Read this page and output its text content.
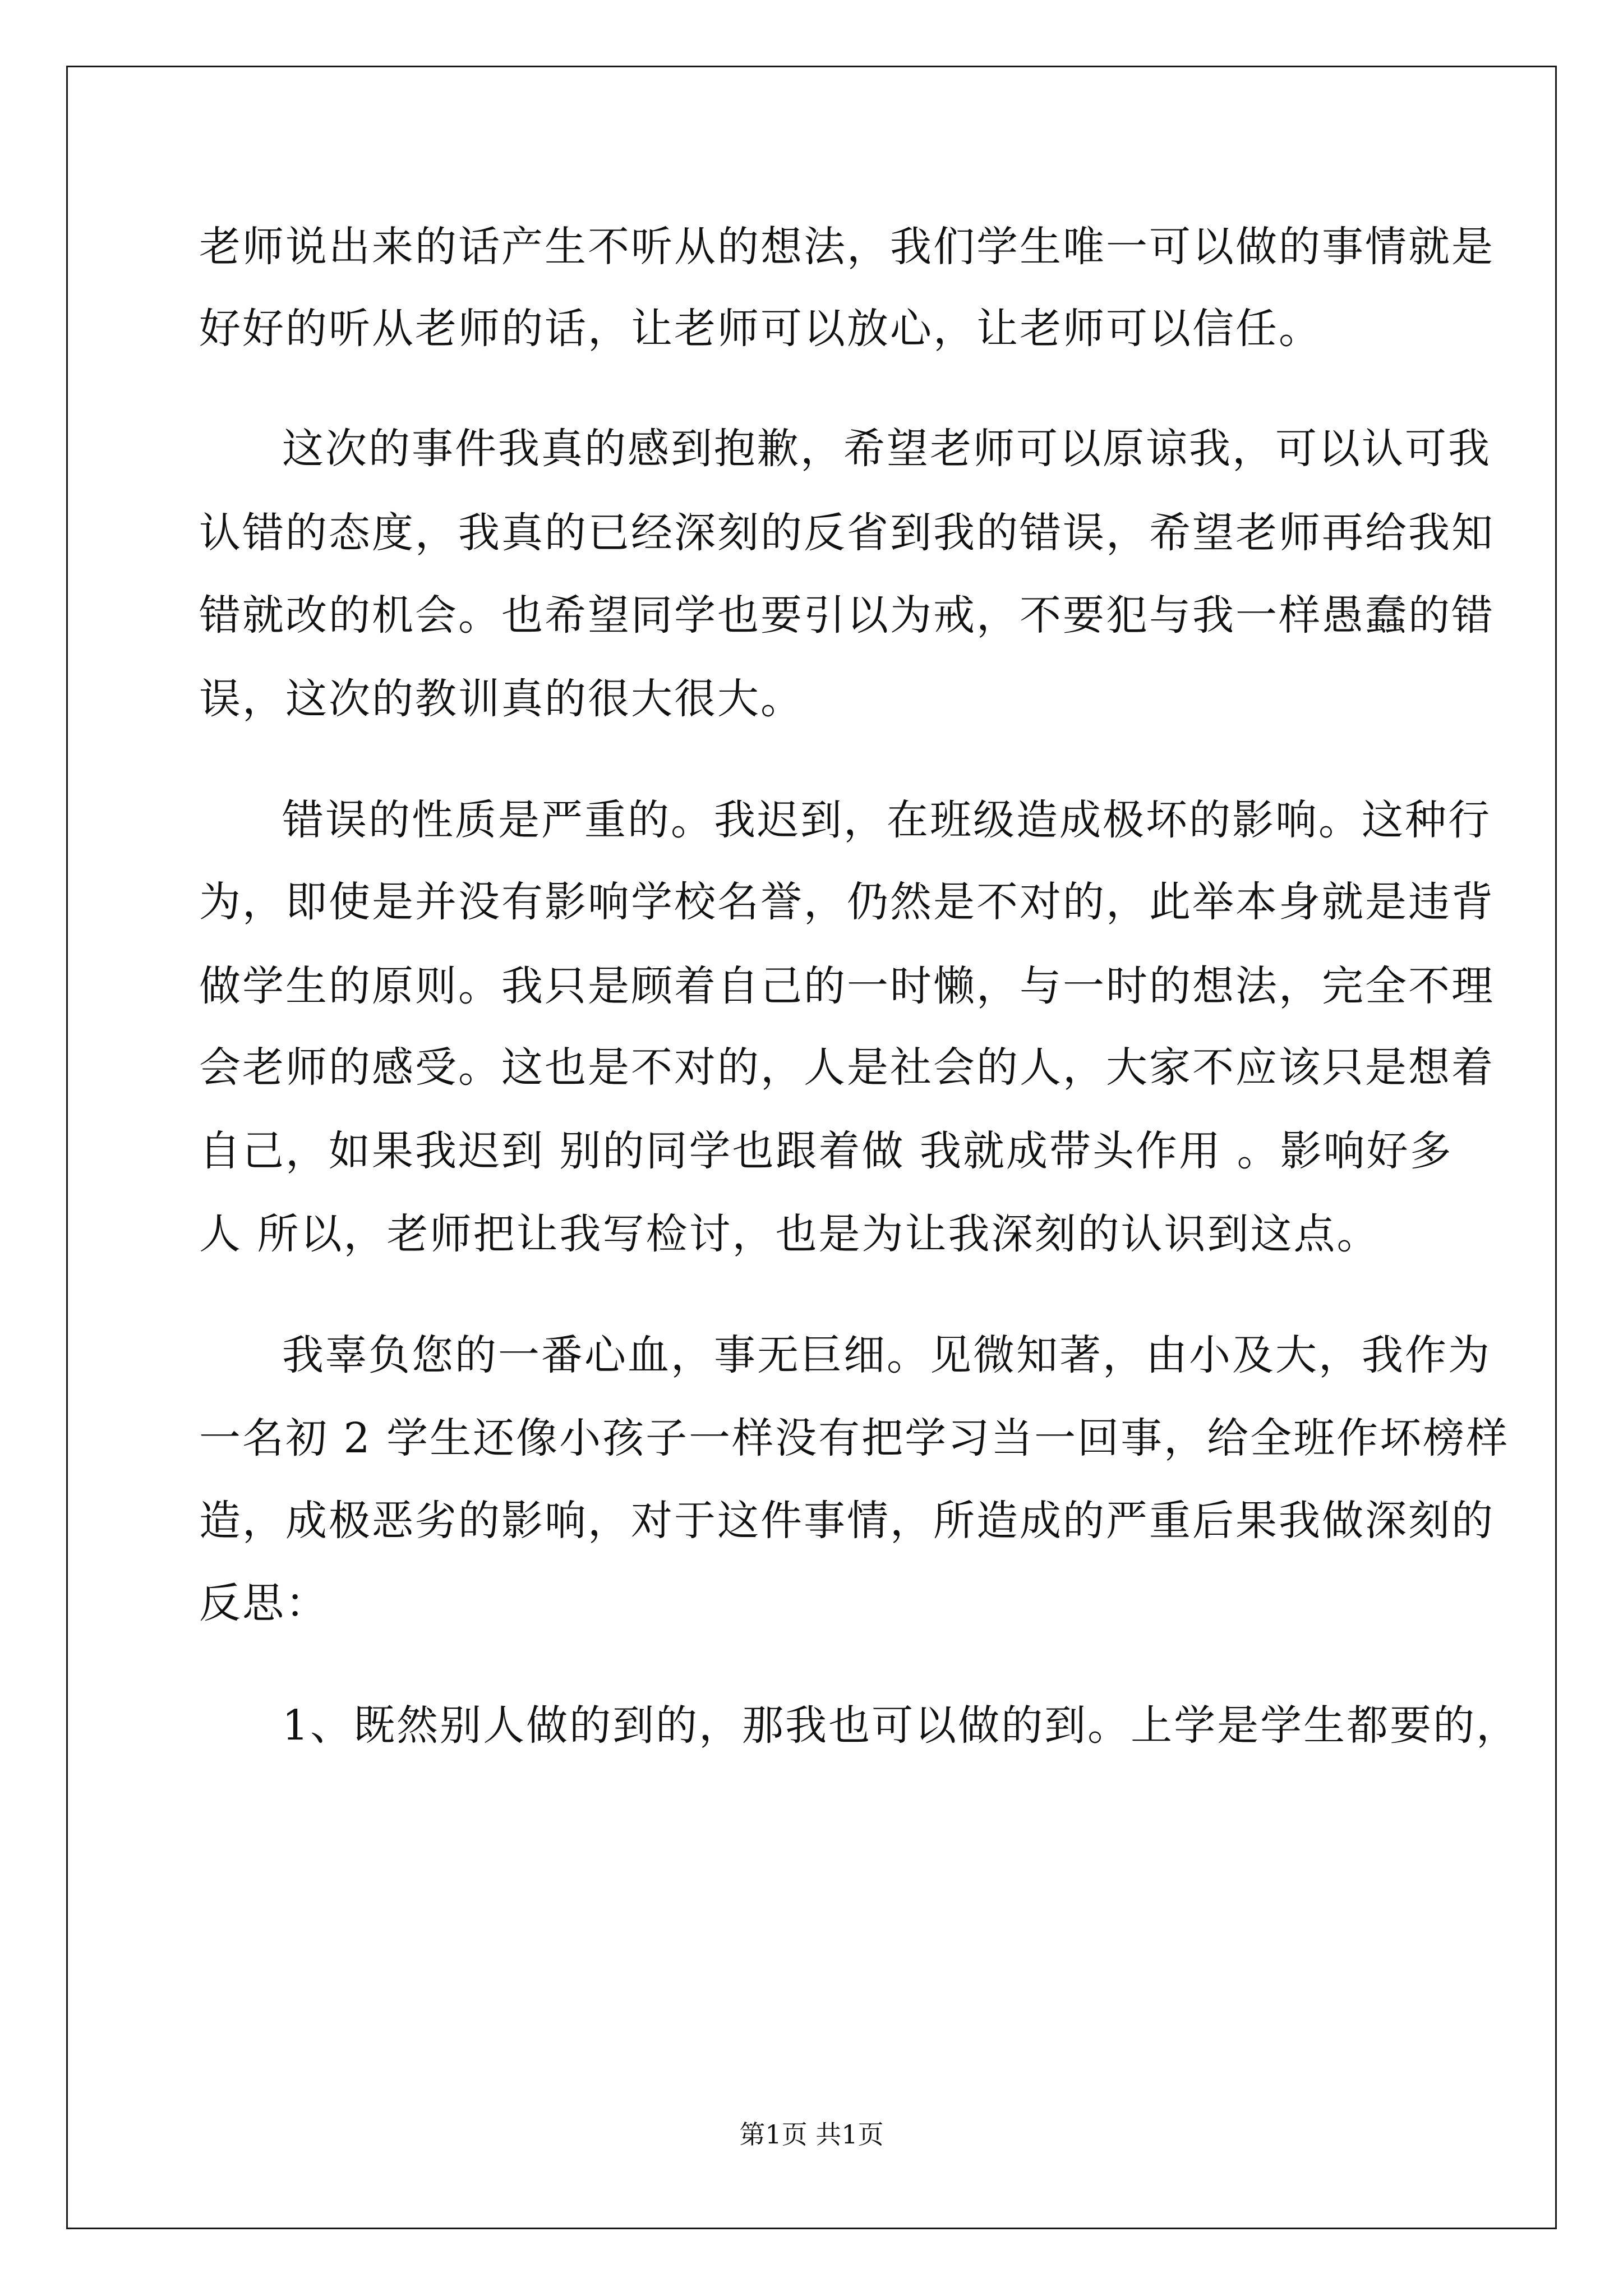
老师说出来的话产生不听从的想法，我们学生唯一可以做的事情就是
好好的听从老师的话，让老师可以放心，让老师可以信任。
这次的事件我真的感到抱歉，希望老师可以原谅我，可以认可我
认错的态度，我真的已经深刻的反省到我的错误，希望老师再给我知
错就改的机会。也希望同学也要引以为戒，不要犯与我一样愚蠢的错
误，这次的教训真的很大很大。
错误的性质是严重的。我迟到，在班级造成极坏的影响。这种行
为，即使是并没有影响学校名誉，仍然是不对的，此举本身就是违背
做学生的原则。我只是顾着自己的一时懒，与一时的想法，完全不理
会老师的感受。这也是不对的，人是社会的人，大家不应该只是想着
自己，如果我迟到 别的同学也跟着做 我就成带头作用 。影响好多
人 所以，老师把让我写检讨，也是为让我深刻的认识到这点。
我辜负您的一番心血，事无巨细。见微知著，由小及大，我作为
一名初 2 学生还像小孩子一样没有把学习当一回事，给全班作坏榜样
造，成极恶劣的影响，对于这件事情，所造成的严重后果我做深刻的
反思：
1、既然别人做的到的，那我也可以做的到。上学是学生都要的，
第1页 共1页
